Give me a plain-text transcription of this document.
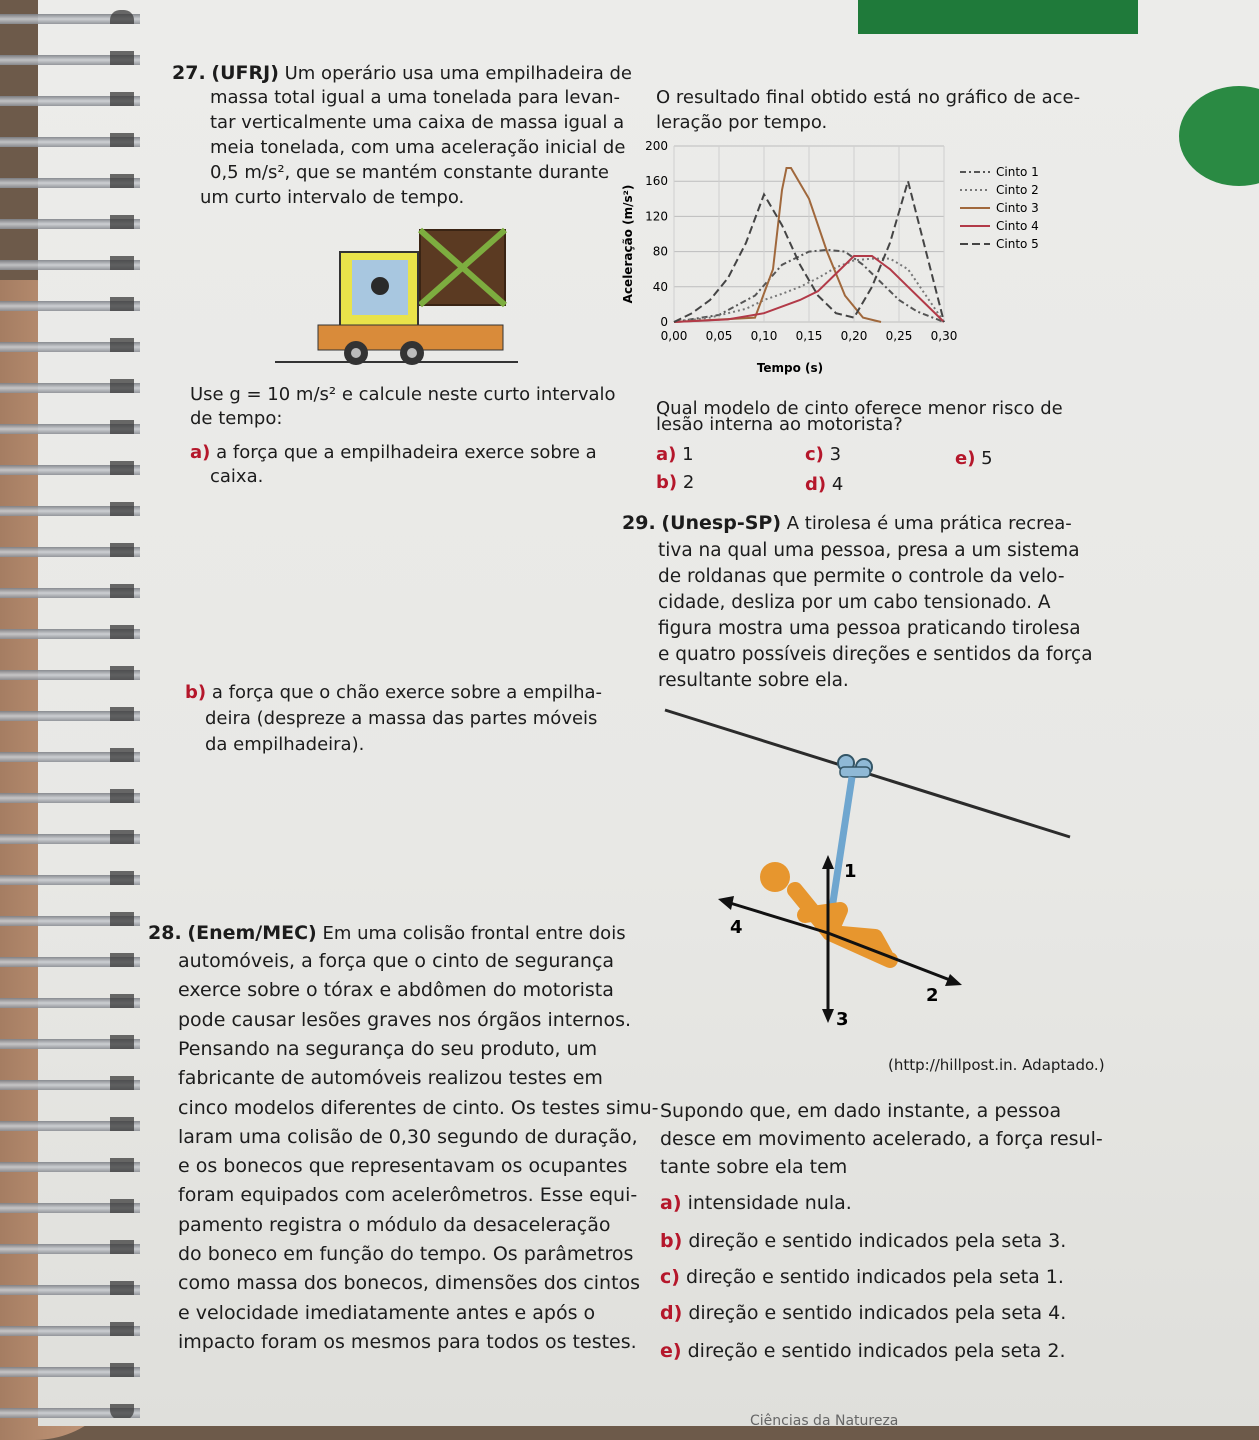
27. (UFRJ) Um operário usa uma empilhadeira de
massa total igual a uma tonelada para levan-
tar verticalmente uma caixa de massa igual a
meia tonelada, com uma aceleração inicial de
0,5 m/s², que se mantém constante durante
um curto intervalo de tempo.
Use g = 10 m/s² e calcule neste curto intervalo
de tempo:
a) a força que a empilhadeira exerce sobre a
caixa.
b) a força que o chão exerce sobre a empilha-
deira (despreze a massa das partes móveis
da empilhadeira).
28. (Enem/MEC) Em uma colisão frontal entre dois
automóveis, a força que o cinto de segurança
exerce sobre o tórax e abdômen do motorista
pode causar lesões graves nos órgãos internos.
Pensando na segurança do seu produto, um
fabricante de automóveis realizou testes em
cinco modelos diferentes de cinto. Os testes simu-
laram uma colisão de 0,30 segundo de duração,
e os bonecos que representavam os ocupantes
foram equipados com acelerômetros. Esse equi-
pamento registra o módulo da desaceleração
do boneco em função do tempo. Os parâmetros
como massa dos bonecos, dimensões dos cintos
e velocidade imediatamente antes e após o
impacto foram os mesmos para todos os testes.
O resultado final obtido está no gráfico de ace-
leração por tempo.
0
40
80
120
160
200
0,00 0,05 0,10 0,15 0,20 0,25 0,30
Cinto 1
Cinto 2
Cinto 3
Cinto 4
Cinto 5
Aceleração (m/s²)
Tempo (s)
Qual modelo de cinto oferece menor risco de
lesão interna ao motorista?
a) 1	c) 3	e) 5
b) 2	d) 4
29. (Unesp-SP) A tirolesa é uma prática recrea-
tiva na qual uma pessoa, presa a um sistema
de roldanas que permite o controle da velo-
cidade, desliza por um cabo tensionado. A
figura mostra uma pessoa praticando tirolesa
e quatro possíveis direções e sentidos da força
resultante sobre ela.
1
2
3
4
(http://hillpost.in. Adaptado.)
Supondo que, em dado instante, a pessoa
desce em movimento acelerado, a força resul-
tante sobre ela tem
a) intensidade nula.
b) direção e sentido indicados pela seta 3.
c) direção e sentido indicados pela seta 1.
d) direção e sentido indicados pela seta 4.
e) direção e sentido indicados pela seta 2.
Ciências da Natureza
